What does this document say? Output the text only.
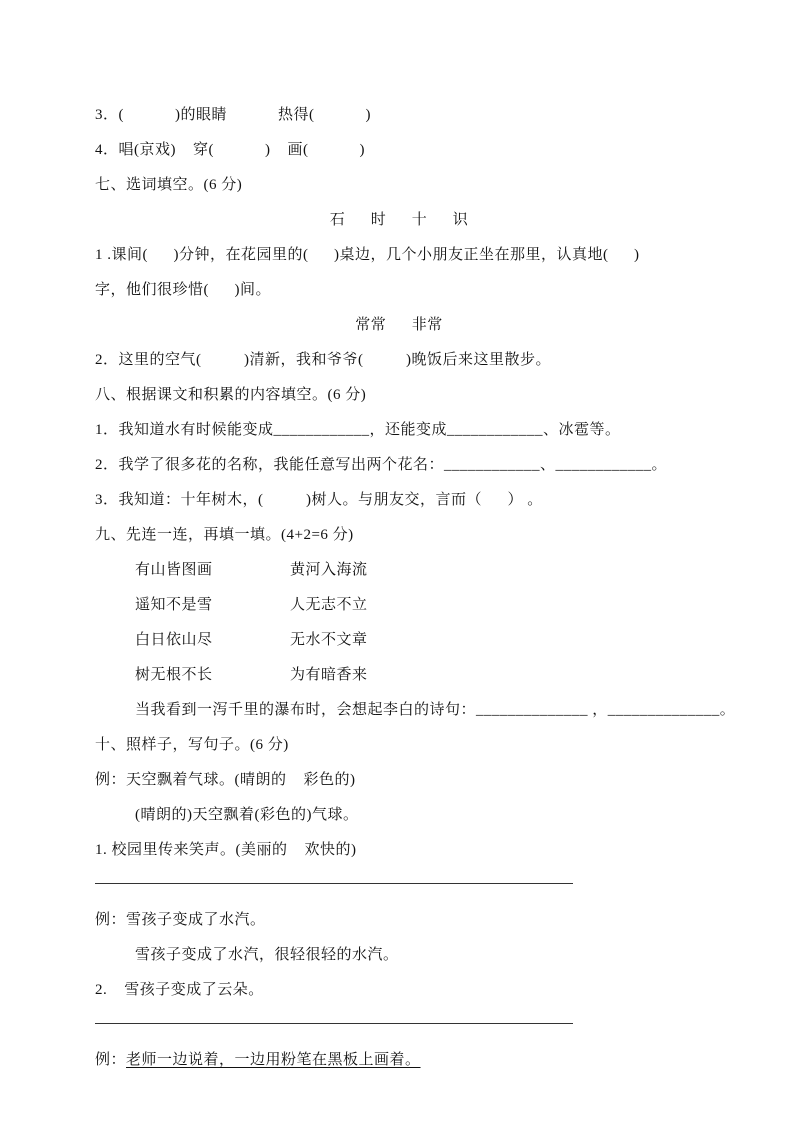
3．(            )的眼睛            热得(            )
4．唱(京戏)    穿(            )    画(            )
七、选词填空。(6 分)
石      时      十      识
1 .课间(      )分钟，在花园里的(      )桌边，几个小朋友正坐在那里，认真地(      )
字，他们很珍惜(      )间。
常常      非常
2．这里的空气(          )清新，我和爷爷(          )晚饭后来这里散步。
八、根据课文和积累的内容填空。(6 分)
1．我知道水有时候能变成____________，还能变成____________、冰雹等。
2．我学了很多花的名称，我能任意写出两个花名：____________、____________。
3．我知道：十年树木，(          )树人。与朋友交，言而（      ） 。
九、先连一连，再填一填。(4+2=6 分)
有山皆图画	黄河入海流
遥知不是雪	人无志不立
白日依山尽	无水不文章
树无根不长	为有暗香来
当我看到一泻千里的瀑布时，会想起李白的诗句：______________ ，______________。
十、照样子，写句子。(6 分)
例：天空飘着气球。(晴朗的    彩色的)
(晴朗的)天空飘着(彩色的)气球。
1. 校园里传来笑声。(美丽的    欢快的)
例：雪孩子变成了水汽。
雪孩子变成了水汽，很轻很轻的水汽。
2.    雪孩子变成了云朵。
例： 老师一边说着，一边用粉笔在黑板上画着。
